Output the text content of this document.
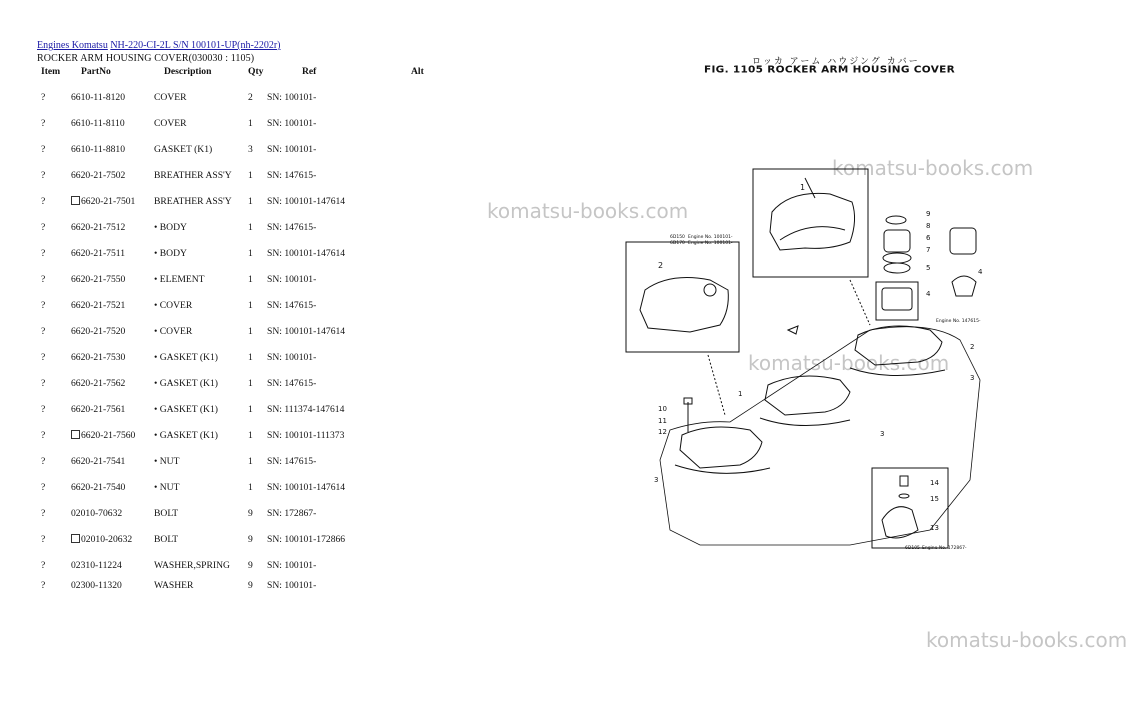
Engines Komatsu NH-220-CI-2L S/N 100101-UP(nh-2202r)
ROCKER ARM HOUSING COVER(030030 : 1105)
Item	PartNo	Description	Qty	Ref	Alt
?	6610-11-8120	COVER	2	SN: 100101-	
?	6610-11-8110	COVER	1	SN: 100101-	
?	6610-11-8810	GASKET (K1)	3	SN: 100101-	
?	6620-21-7502	BREATHER ASS'Y	1	SN: 147615-	
?	6620-21-7501	BREATHER ASS'Y	1	SN: 100101-147614	
?	6620-21-7512	• BODY	1	SN: 147615-	
?	6620-21-7511	• BODY	1	SN: 100101-147614	
?	6620-21-7550	• ELEMENT	1	SN: 100101-	
?	6620-21-7521	• COVER	1	SN: 147615-	
?	6620-21-7520	• COVER	1	SN: 100101-147614	
?	6620-21-7530	• GASKET (K1)	1	SN: 100101-	
?	6620-21-7562	• GASKET (K1)	1	SN: 147615-	
?	6620-21-7561	• GASKET (K1)	1	SN: 111374-147614	
?	6620-21-7560	• GASKET (K1)	1	SN: 100101-111373	
?	6620-21-7541	• NUT	1	SN: 147615-	
?	6620-21-7540	• NUT	1	SN: 100101-147614	
?	02010-70632	BOLT	9	SN: 172867-	
?	02010-20632	BOLT	9	SN: 100101-172866	
?	02310-11224	WASHER,SPRING	9	SN: 100101-	
?	02300-11320	WASHER	9	SN: 100101-	
komatsu-books.com
komatsu-books.com
komatsu-books.com
komatsu-books.com
ロッカ アーム ハウジング カバー
FIG. 1105 ROCKER ARM HOUSING COVER
1
2
9
8
6
7
5
4
4
6D150 Engine No. 100101-
6D170 Engine No. 100101-
Engine No. 147615-
6D105 Engine No. 172867-
1
2
3
3
3
10
11
12
14
15
13
